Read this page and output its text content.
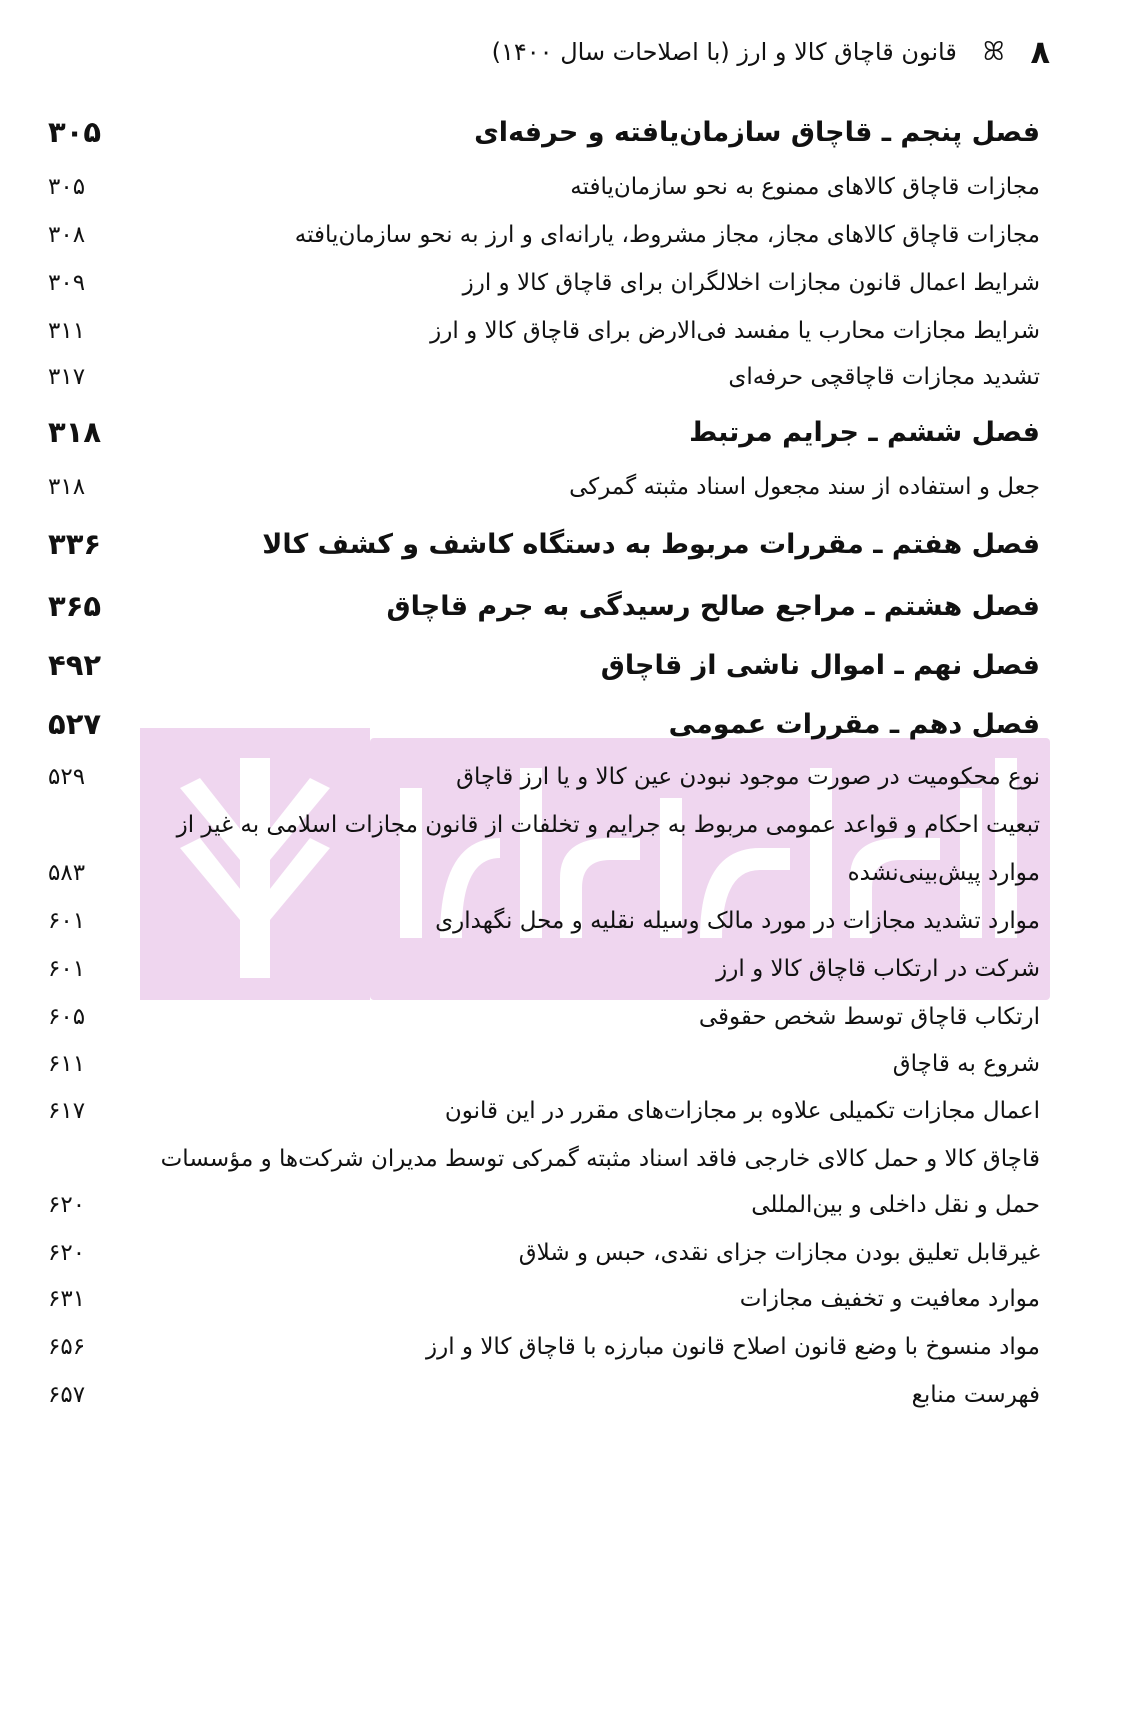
۸
ꕤ
قانون قاچاق کالا و ارز (با اصلاحات سال ۱۴۰۰)
فصل پنجم ـ قاچاق سازمان‌یافته و حرفه‌ای
۳۰۵
مجازات قاچاق کالاهای ممنوع به نحو سازمان‌یافته
۳۰۵
مجازات قاچاق کالاهای مجاز، مجاز مشروط، یارانه‌ای و ارز به نحو سازمان‌یافته
۳۰۸
شرایط اعمال قانون مجازات اخلالگران برای قاچاق کالا و ارز
۳۰۹
شرایط مجازات محارب یا مفسد فی‌الارض برای قاچاق کالا و ارز
۳۱۱
تشدید مجازات قاچاقچی حرفه‌ای
۳۱۷
فصل ششم ـ جرایم مرتبط
۳۱۸
جعل و استفاده از سند مجعول اسناد مثبته گمرکی
۳۱۸
فصل هفتم ـ مقررات مربوط به دستگاه کاشف و کشف کالا
۳۳۶
فصل هشتم ـ مراجع صالح رسیدگی به جرم قاچاق
۳۶۵
فصل نهم ـ اموال ناشی از قاچاق
۴۹۲
فصل دهم ـ مقررات عمومی
۵۲۷
نوع محکومیت در صورت موجود نبودن عین کالا و یا ارز قاچاق
۵۲۹
تبعیت احکام و قواعد عمومی مربوط به جرایم و تخلفات از قانون مجازات اسلامی به غیر از
موارد پیش‌بینی‌نشده
۵۸۳
موارد تشدید مجازات در مورد مالک وسیله نقلیه و محل نگهداری
۶۰۱
شرکت در ارتکاب قاچاق کالا و ارز
۶۰۱
ارتکاب قاچاق توسط شخص حقوقی
۶۰۵
شروع به قاچاق
۶۱۱
اعمال مجازات تکمیلی علاوه بر مجازات‌های مقرر در این قانون
۶۱۷
قاچاق کالا و حمل کالای خارجی فاقد اسناد مثبته گمرکی توسط مدیران شرکت‌ها و مؤسسات
حمل و نقل داخلی و بین‌المللی
۶۲۰
غیرقابل تعلیق بودن مجازات جزای نقدی، حبس و شلاق
۶۲۰
موارد معافیت و تخفیف مجازات
۶۳۱
مواد منسوخ با وضع قانون اصلاح قانون مبارزه با قاچاق کالا و ارز
۶۵۶
فهرست منابع
۶۵۷
